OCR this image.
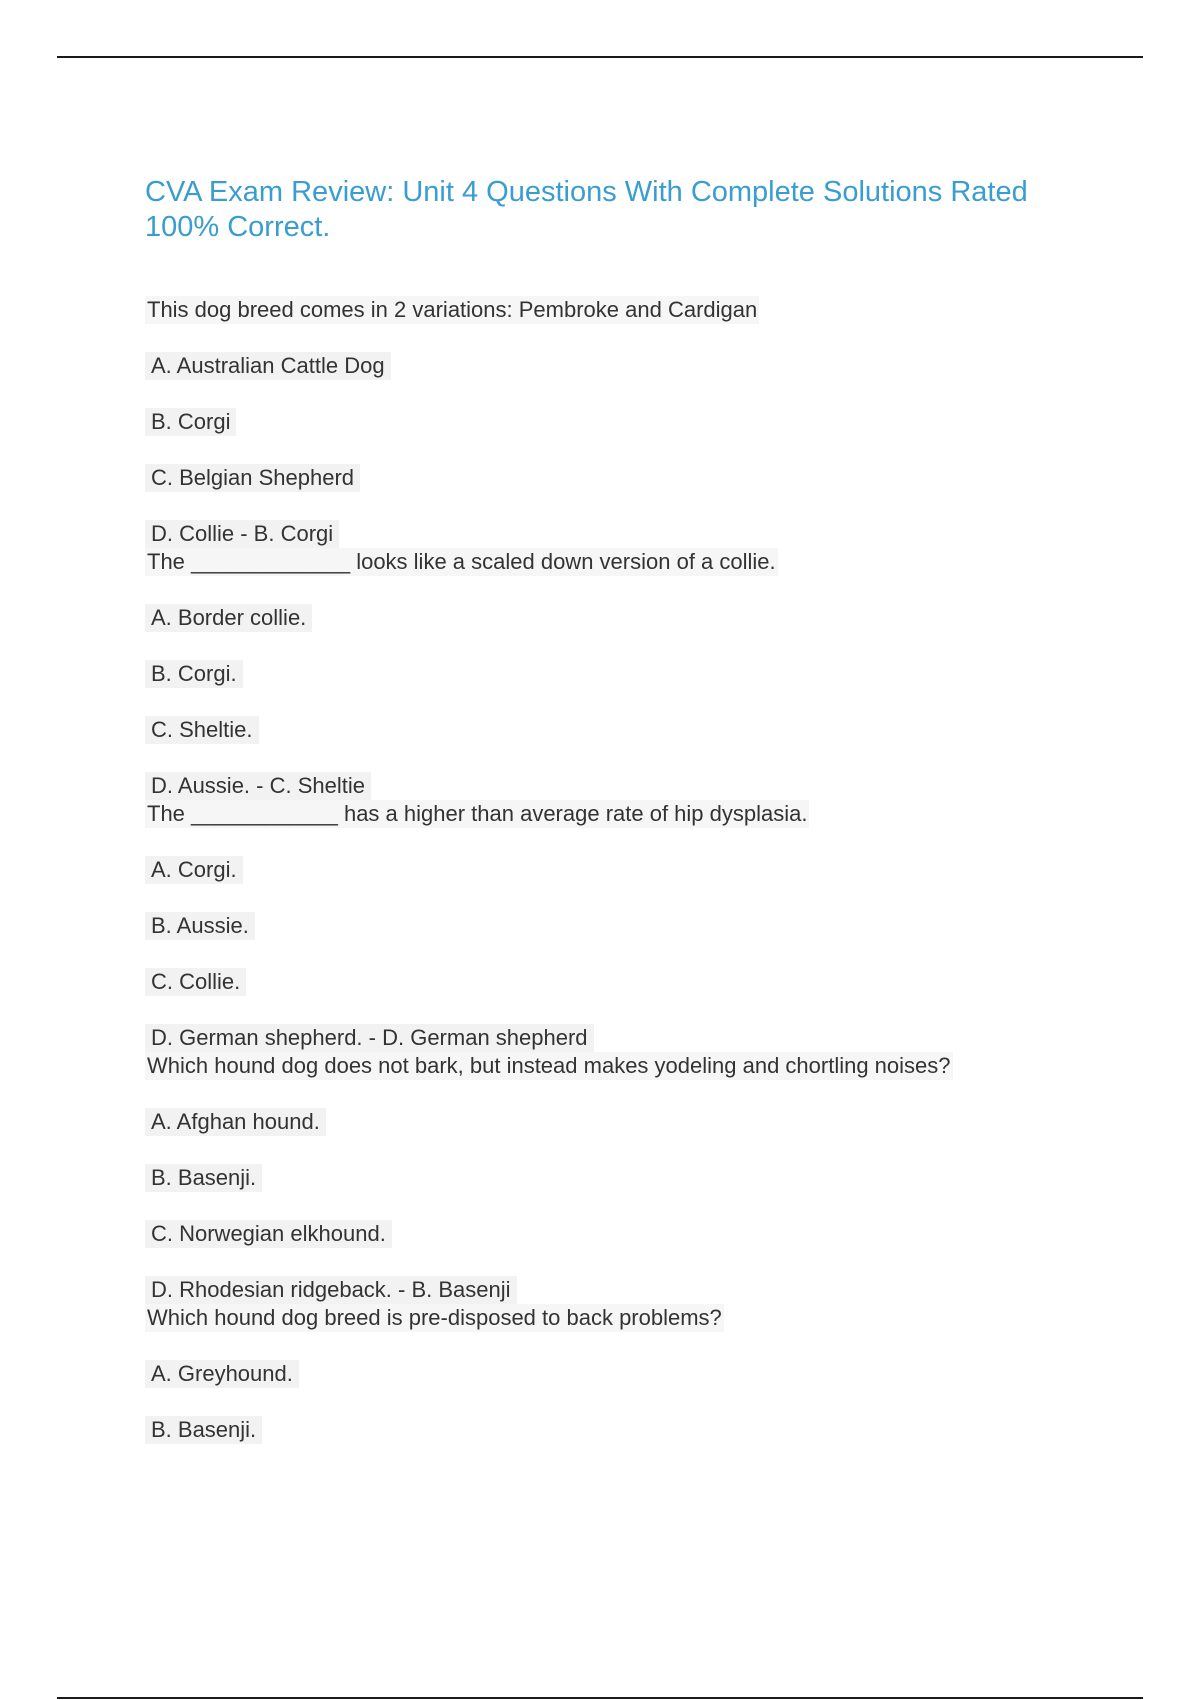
CVA Exam Review: Unit 4 Questions With Complete Solutions Rated 100% Correct.
This dog breed comes in 2 variations: Pembroke and Cardigan
A. Australian Cattle Dog
B. Corgi
C. Belgian Shepherd
D. Collie - B. Corgi
The _____________ looks like a scaled down version of a collie.
A. Border collie.
B. Corgi.
C. Sheltie.
D. Aussie. - C. Sheltie
The ____________ has a higher than average rate of hip dysplasia.
A. Corgi.
B. Aussie.
C. Collie.
D. German shepherd. - D. German shepherd
Which hound dog does not bark, but instead makes yodeling and chortling noises?
A. Afghan hound.
B. Basenji.
C. Norwegian elkhound.
D. Rhodesian ridgeback. - B. Basenji
Which hound dog breed is pre-disposed to back problems?
A. Greyhound.
B. Basenji.
